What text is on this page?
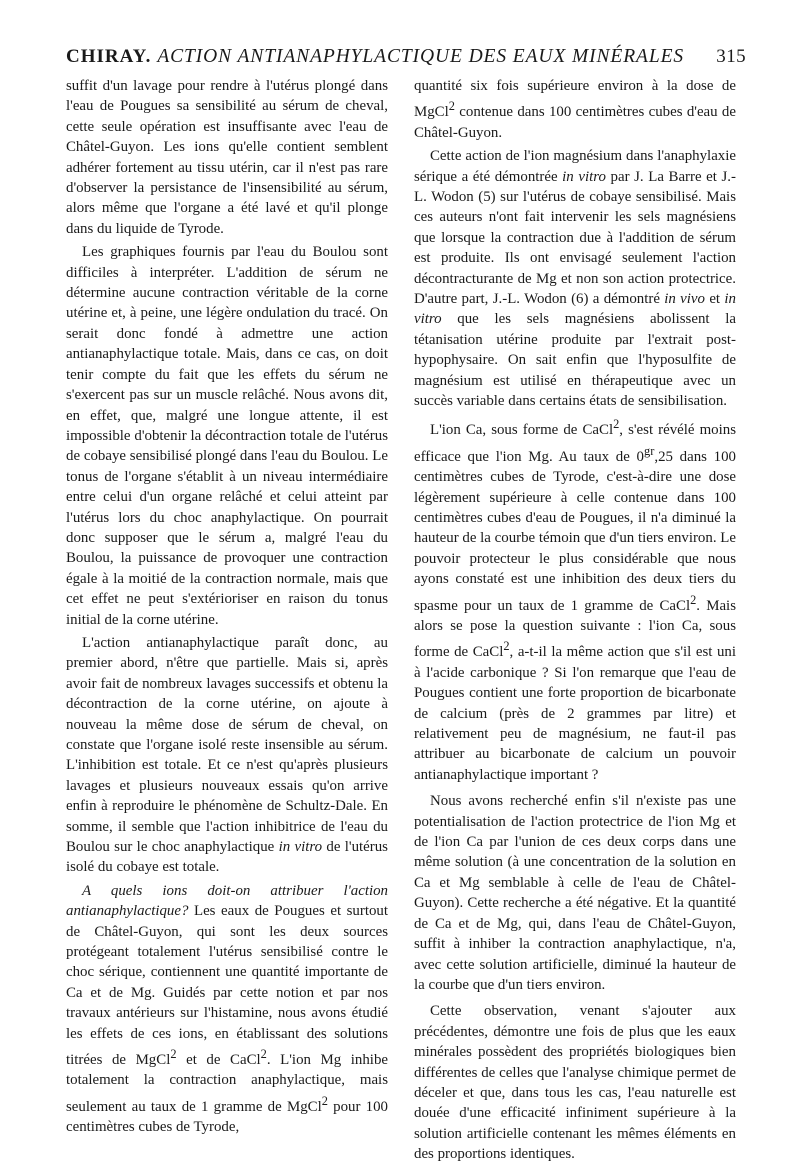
CHIRAY. ACTION ANTIANAPHYLACTIQUE DES EAUX MINÉRALES 315

suffit d'un lavage pour rendre à l'utérus plongé dans l'eau de Pougues sa sensibilité au sérum de cheval, cette seule opération est insuffisante avec l'eau de Châtel-Guyon. Les ions qu'elle contient semblent adhérer fortement au tissu utérin, car il n'est pas rare d'observer la persistance de l'insensibilité au sérum, alors même que l'organe a été lavé et qu'il plonge dans du liquide de Tyrode.

Les graphiques fournis par l'eau du Boulou sont difficiles à interpréter. L'addition de sérum ne détermine aucune contraction véritable de la corne utérine et, à peine, une légère ondulation du tracé. On serait donc fondé à admettre une action antianaphylactique totale. Mais, dans ce cas, on doit tenir compte du fait que les effets du sérum ne s'exercent pas sur un muscle relâché. Nous avons dit, en effet, que, malgré une longue attente, il est impossible d'obtenir la décontraction totale de l'utérus de cobaye sensibilisé plongé dans l'eau du Boulou. Le tonus de l'organe s'établit à un niveau intermédiaire entre celui d'un organe relâché et celui atteint par l'utérus lors du choc anaphylactique. On pourrait donc supposer que le sérum a, malgré l'eau du Boulou, la puissance de provoquer une contraction égale à la moitié de la contraction normale, mais que cet effet ne peut s'extérioriser en raison du tonus initial de la corne utérine.

L'action antianaphylactique paraît donc, au premier abord, n'être que partielle. Mais si, après avoir fait de nombreux lavages successifs et obtenu la décontraction de la corne utérine, on ajoute à nouveau la même dose de sérum de cheval, on constate que l'organe isolé reste insensible au sérum. L'inhibition est totale. Et ce n'est qu'après plusieurs lavages et plusieurs nouveaux essais qu'on arrive enfin à reproduire le phénomène de Schultz-Dale. En somme, il semble que l'action inhibitrice de l'eau du Boulou sur le choc anaphylactique in vitro de l'utérus isolé du cobaye est totale.

A quels ions doit-on attribuer l'action antianaphylactique? Les eaux de Pougues et surtout de Châtel-Guyon, qui sont les deux sources protégeant totalement l'utérus sensibilisé contre le choc sérique, contiennent une quantité importante de Ca et de Mg. Guidés par cette notion et par nos travaux antérieurs sur l'histamine, nous avons étudié les effets de ces ions, en établissant des solutions titrées de MgCl$^2$ et de CaCl$^2$. L'ion Mg inhibe totalement la contraction anaphylactique, mais seulement au taux de 1 gramme de MgCl$^2$ pour 100 centimètres cubes de Tyrode,

quantité six fois supérieure environ à la dose de MgCl$^2$ contenue dans 100 centimètres cubes d'eau de Châtel-Guyon.

Cette action de l'ion magnésium dans l'anaphylaxie sérique a été démontrée in vitro par J. La Barre et J.-L. Wodon (5) sur l'utérus de cobaye sensibilisé. Mais ces auteurs n'ont fait intervenir les sels magnésiens que lorsque la contraction due à l'addition de sérum est produite. Ils ont envisagé seulement l'action décontracturante de Mg et non son action protectrice. D'autre part, J.-L. Wodon (6) a démontré in vivo et in vitro que les sels magnésiens abolissent la tétanisation utérine produite par l'extrait post-hypophysaire. On sait enfin que l'hyposulfite de magnésium est utilisé en thérapeutique avec un succès variable dans certains états de sensibilisation.

L'ion Ca, sous forme de CaCl$^2$, s'est révélé moins efficace que l'ion Mg. Au taux de $0^{gr},25$ dans 100 centimètres cubes de Tyrode, c'est-à-dire une dose légèrement supérieure à celle contenue dans 100 centimètres cubes d'eau de Pougues, il n'a diminué la hauteur de la courbe témoin que d'un tiers environ. Le pouvoir protecteur le plus considérable que nous ayons constaté est une inhibition des deux tiers du spasme pour un taux de 1 gramme de CaCl$^2$. Mais alors se pose la question suivante : l'ion Ca, sous forme de CaCl$^2$, a-t-il la même action que s'il est uni à l'acide carbonique ? Si l'on remarque que l'eau de Pougues contient une forte proportion de bicarbonate de calcium (près de 2 grammes par litre) et relativement peu de magnésium, ne faut-il pas attribuer au bicarbonate de calcium un pouvoir antianaphylactique important ?

Nous avons recherché enfin s'il n'existe pas une potentialisation de l'action protectrice de l'ion Mg et de l'ion Ca par l'union de ces deux corps dans une même solution (à une concentration de la solution en Ca et Mg semblable à celle de l'eau de Châtel-Guyon). Cette recherche a été négative. Et la quantité de Ca et de Mg, qui, dans l'eau de Châtel-Guyon, suffit à inhiber la contraction anaphylactique, n'a, avec cette solution artificielle, diminué la hauteur de la courbe que d'un tiers environ.

Cette observation, venant s'ajouter aux précédentes, démontre une fois de plus que les eaux minérales possèdent des propriétés biologiques bien différentes de celles que l'analyse chimique permet de déceler et que, dans tous les cas, l'eau naturelle est douée d'une efficacité infiniment supérieure à la solution artificielle contenant les mêmes éléments en des proportions identiques.
